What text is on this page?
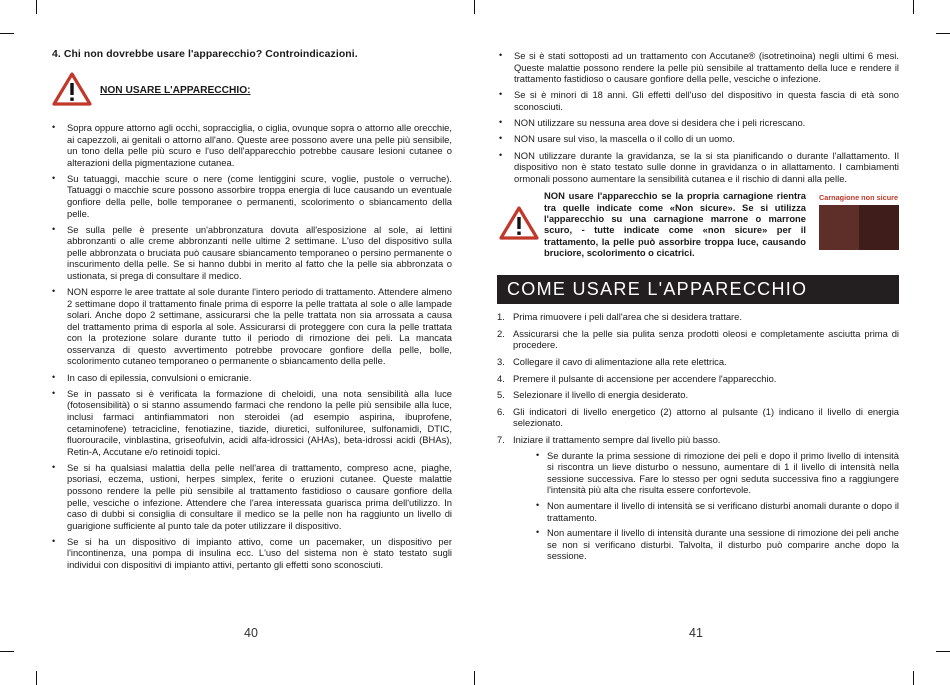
4. Chi non dovrebbe usare l'apparecchio? Controindicazioni.
NON USARE L'APPARECCHIO:
• Sopra oppure attorno agli occhi, sopracciglia, o ciglia, ovunque sopra o attorno alle orecchie, ai capezzoli, ai genitali o attorno all'ano. Queste aree possono avere una pelle più sensibile, un tono della pelle più scuro e l'uso dell'apparecchio potrebbe causare lesioni cutanee o alterazioni della pigmentazione cutanea.
• Su tatuaggi, macchie scure o nere (come lentiggini scure, voglie, pustole o verruche). Tatuaggi o macchie scure possono assorbire troppa energia di luce causando un eventuale gonfiore della pelle, bolle temporanee o permanenti, scolorimento o sbiancamento della pelle.
• Se sulla pelle è presente un'abbronzatura dovuta all'esposizione al sole, ai lettini abbronzanti o alle creme abbronzanti nelle ultime 2 settimane. L'uso del dispositivo sulla pelle abbronzata o bruciata può causare sbiancamento temporaneo o persino permanente o inscurimento della pelle. Se si hanno dubbi in merito al fatto che la pelle sia abbronzata o ustionata, si prega di consultare il medico.
• NON esporre le aree trattate al sole durante l'intero periodo di trattamento. Attendere almeno 2 settimane dopo il trattamento finale prima di esporre la pelle trattata al sole o alle lampade solari. Anche dopo 2 settimane, assicurarsi che la pelle trattata non sia arrossata a causa del trattamento prima di esporla al sole. Assicurarsi di proteggere con cura la pelle trattata con la protezione solare durante tutto il periodo di rimozione dei peli. La mancata osservanza di questo avvertimento potrebbe provocare gonfiore della pelle, bolle, scolorimento cutaneo temporaneo o permanente o sbiancamento della pelle.
• In caso di epilessia, convulsioni o emicranie.
• Se in passato si è verificata la formazione di cheloidi, una nota sensibilità alla luce (fotosensibilità) o si stanno assumendo farmaci che rendono la pelle più sensibile alla luce, inclusi farmaci antinfiammatori non steroidei (ad esempio aspirina, ibuprofene, cetaminofene) tetracicline, fenotiazine, tiazide, diuretici, sulfoniluree, sulfonamidi, DTIC, fluorouracile, vinblastina, griseofulvin, acidi alfa-idrossici (AHAs), beta-idrossi acidi (BHAs), Retin-A, Accutane e/o retinoidi topici.
• Se si ha qualsiasi malattia della pelle nell'area di trattamento, compreso acne, piaghe, psoriasi, eczema, ustioni, herpes simplex, ferite o eruzioni cutanee. Queste malattie possono rendere la pelle più sensibile al trattamento fastidioso o causare gonfiore della pelle, vesciche o infezione. Attendere che l'area interessata guarisca prima dell'utilizzo. In caso di dubbi si consiglia di consultare il medico se la pelle non ha raggiunto un livello di guarigione sufficiente al punto tale da poter utilizzare il dispositivo.
• Se si ha un dispositivo di impianto attivo, come un pacemaker, un dispositivo per l'incontinenza, una pompa di insulina ecc. L'uso del sistema non è stato testato sugli individui con dispositivi di impianto attivi, pertanto gli effetti sono sconosciuti.
40
• Se si è stati sottoposti ad un trattamento con Accutane® (isotretinoina) negli ultimi 6 mesi. Queste malattie possono rendere la pelle più sensibile al trattamento della luce e rendere il trattamento fastidioso o causare gonfiore della pelle, vesciche o infezione.
• Se si è minori di 18 anni. Gli effetti dell'uso del dispositivo in questa fascia di età sono sconosciuti.
• NON utilizzare su nessuna area dove si desidera che i peli ricrescano.
• NON usare sul viso, la mascella o il collo di un uomo.
• NON utilizzare durante la gravidanza, se la si sta pianificando o durante l'allattamento. Il dispositivo non è stato testato sulle donne in gravidanza o in allattamento. I cambiamenti ormonali possono aumentare la sensibilità cutanea e il rischio di danni alla pelle.
NON usare l'apparecchio se la propria carnagione rientra tra quelle indicate come «Non sicure». Se si utilizza l'apparecchio su una carnagione marrone o marrone scuro, - tutte indicate come «non sicure» per il trattamento, la pelle può assorbire troppa luce, causando bruciore, scolorimento o cicatrici.
Carnagione non sicure
COME USARE L'APPARECCHIO
1. Prima rimuovere i peli dall'area che si desidera trattare.
2. Assicurarsi che la pelle sia pulita senza prodotti oleosi e completamente asciutta prima di procedere.
3. Collegare il cavo di alimentazione alla rete elettrica.
4. Premere il pulsante di accensione per accendere l'apparecchio.
5. Selezionare il livello di energia desiderato.
6. Gli indicatori di livello energetico (2) attorno al pulsante (1) indicano il livello di energia selezionato.
7. Iniziare il trattamento sempre dal livello più basso.
• Se durante la prima sessione di rimozione dei peli e dopo il primo livello di intensità si riscontra un lieve disturbo o nessuno, aumentare di 1 il livello di intensità nella sessione successiva. Fare lo stesso per ogni seduta successiva fino a raggiungere l'intensità più alta che risulta essere confortevole.
• Non aumentare il livello di intensità se si verificano disturbi anomali durante o dopo il trattamento.
• Non aumentare il livello di intensità durante una sessione di rimozione dei peli anche se non si verificano disturbi. Talvolta, il disturbo può comparire anche dopo la sessione.
41
